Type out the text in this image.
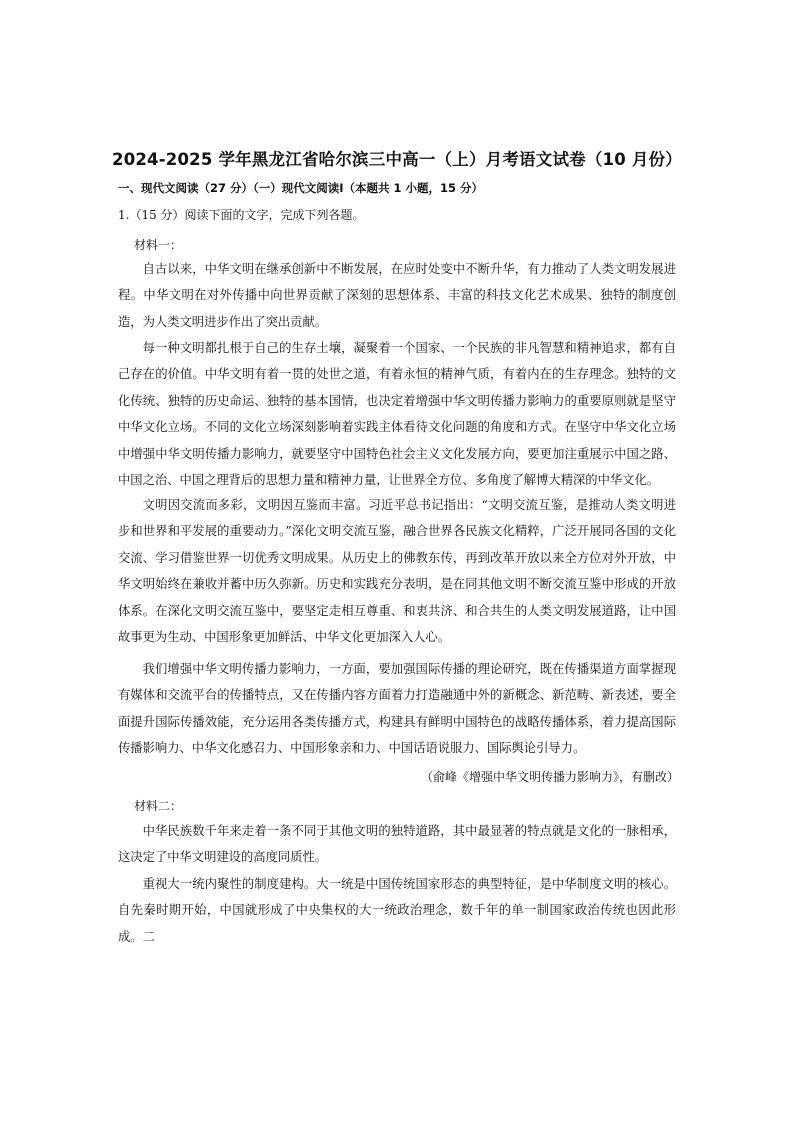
2024-2025 学年黑龙江省哈尔滨三中高一（上）月考语文试卷（10 月份）
一、现代文阅读（27 分）（一）现代文阅读Ⅰ（本题共 1 小题，15 分）
1.（15 分）阅读下面的文字，完成下列各题。
材料一：

自古以来，中华文明在继承创新中不断发展，在应时处变中不断升华，有力推动了人类文明发展进程。中华文明在对外传播中向世界贡献了深刻的思想体系、丰富的科技文化艺术成果、独特的制度创造，为人类文明进步作出了突出贡献。

每一种文明都扎根于自己的生存土壤，凝聚着一个国家、一个民族的非凡智慧和精神追求，都有自己存在的价值。中华文明有着一贯的处世之道，有着永恒的精神气质，有着内在的生存理念。独特的文化传统、独特的历史命运、独特的基本国情，也决定着增强中华文明传播力影响力的重要原则就是坚守中华文化立场。不同的文化立场深刻影响着实践主体看待文化问题的角度和方式。在坚守中华文化立场中增强中华文明传播力影响力，就要坚守中国特色社会主义文化发展方向，要更加注重展示中国之路、中国之治、中国之理背后的思想力量和精神力量，让世界全方位、多角度了解博大精深的中华文化。

文明因交流而多彩，文明因互鉴而丰富。习近平总书记指出：“文明交流互鉴，是推动人类文明进步和世界和平发展的重要动力。”深化文明交流互鉴，融合世界各民族文化精粹，广泛开展同各国的文化交流、学习借鉴世界一切优秀文明成果。从历史上的佛教东传，再到改革开放以来全方位对外开放，中华文明始终在兼收并蓄中历久弥新。历史和实践充分表明，是在同其他文明不断交流互鉴中形成的开放体系。在深化文明交流互鉴中，要坚定走相互尊重、和衷共济、和合共生的人类文明发展道路，让中国故事更为生动、中国形象更加鲜活、中华文化更加深入人心。

我们增强中华文明传播力影响力，一方面，要加强国际传播的理论研究，既在传播渠道方面掌握现有媒体和交流平台的传播特点，又在传播内容方面着力打造融通中外的新概念、新范畴、新表述，要全面提升国际传播效能，充分运用各类传播方式，构建具有鲜明中国特色的战略传播体系，着力提高国际传播影响力、中华文化感召力、中国形象亲和力、中国话语说服力、国际舆论引导力。

（俞峰《增强中华文明传播力影响力》，有删改）
材料二：

中华民族数千年来走着一条不同于其他文明的独特道路，其中最显著的特点就是文化的一脉相承，这决定了中华文明建设的高度同质性。

重视大一统内聚性的制度建构。大一统是中国传统国家形态的典型特征，是中华制度文明的核心。自先秦时期开始，中国就形成了中央集权的大一统政治理念，数千年的单一制国家政治传统也因此形成。二
